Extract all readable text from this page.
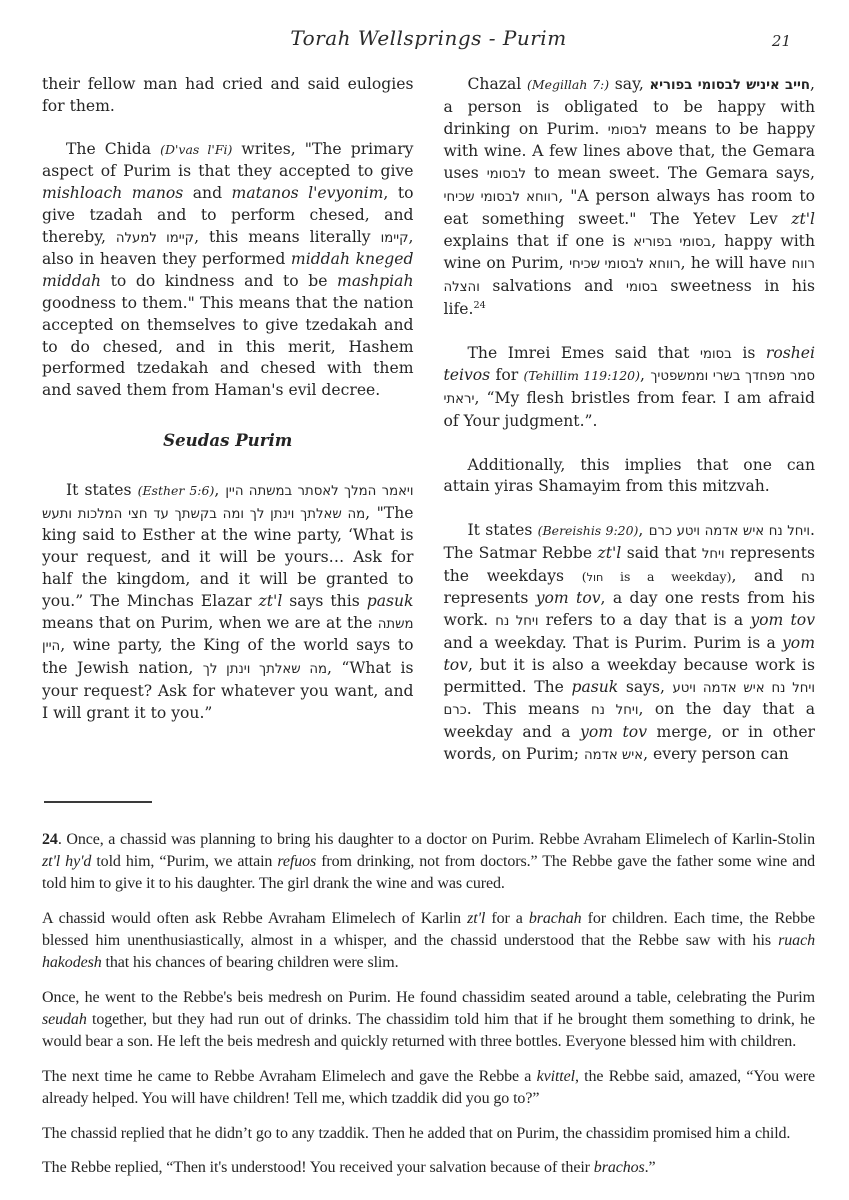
Torah Wellsprings - Purim	21

their fellow man had cried and said eulogies for them.

The Chida (D'vas l'Fi) writes, "The primary aspect of Purim is that they accepted to give mishloach manos and matanos l'evyonim, to give tzadah and to perform chesed, and thereby, קיימו למעלה, this means literally קיימו, also in heaven they performed middah kneged middah to do kindness and to be mashpiah goodness to them." This means that the nation accepted on themselves to give tzedakah and to do chesed, and in this merit, Hashem performed tzedakah and chesed with them and saved them from Haman's evil decree.

Seudas Purim

It states (Esther 5:6), ויאמר המלך לאסתר במשתה היין מה שאלתך וינתן לך ומה בקשתך עד חצי המלכות ותעש, "The king said to Esther at the wine party, ‘What is your request, and it will be yours… Ask for half the kingdom, and it will be granted to you.” The Minchas Elazar zt'l says this pasuk means that on Purim, when we are at the משתה היין, wine party, the King of the world says to the Jewish nation, מה שאלתך וינתן לך, “What is your request? Ask for whatever you want, and I will grant it to you.”

Chazal (Megillah 7:) say, חייב איניש לבסומי בפוריא, a person is obligated to be happy with drinking on Purim. לבסומי means to be happy with wine. A few lines above that, the Gemara uses לבסומי to mean sweet. The Gemara says, רווחא לבסומי שכיחי, "A person always has room to eat something sweet." The Yetev Lev zt'l explains that if one is בסומי בפוריא, happy with wine on Purim, רווחא לבסומי שכיחי, he will have רווח והצלה salvations and בסומי sweetness in his life.$^{24}$

The Imrei Emes said that בסומי is roshei teivos for (Tehillim 119:120), סמר מפחדך בשרי וממשפטיך יראתי, “My flesh bristles from fear. I am afraid of Your judgment.”.

Additionally, this implies that one can attain yiras Shamayim from this mitzvah.

It states (Bereishis 9:20), ויחל נח איש אדמה ויטע כרם. The Satmar Rebbe zt'l said that ויחל represents the weekdays (חול is a weekday), and נח represents yom tov, a day one rests from his work. ויחל נח refers to a day that is a yom tov and a weekday. That is Purim. Purim is a yom tov, but it is also a weekday because work is permitted. The pasuk says, ויחל נח איש אדמה ויטע כרם. This means ויחל נח, on the day that a weekday and a yom tov merge, or in other words, on Purim; איש אדמה, every person can

24. Once, a chassid was planning to bring his daughter to a doctor on Purim. Rebbe Avraham Elimelech of Karlin-Stolin zt'l hy'd told him, “Purim, we attain refuos from drinking, not from doctors.” The Rebbe gave the father some wine and told him to give it to his daughter. The girl drank the wine and was cured.

A chassid would often ask Rebbe Avraham Elimelech of Karlin zt'l for a brachah for children. Each time, the Rebbe blessed him unenthusiastically, almost in a whisper, and the chassid understood that the Rebbe saw with his ruach hakodesh that his chances of bearing children were slim.

Once, he went to the Rebbe's beis medresh on Purim. He found chassidim seated around a table, celebrating the Purim seudah together, but they had run out of drinks. The chassidim told him that if he brought them something to drink, he would bear a son. He left the beis medresh and quickly returned with three bottles. Everyone blessed him with children.

The next time he came to Rebbe Avraham Elimelech and gave the Rebbe a kvittel, the Rebbe said, amazed, “You were already helped. You will have children! Tell me, which tzaddik did you go to?”

The chassid replied that he didn’t go to any tzaddik. Then he added that on Purim, the chassidim promised him a child.

The Rebbe replied, “Then it's understood! You received your salvation because of their brachos.”
